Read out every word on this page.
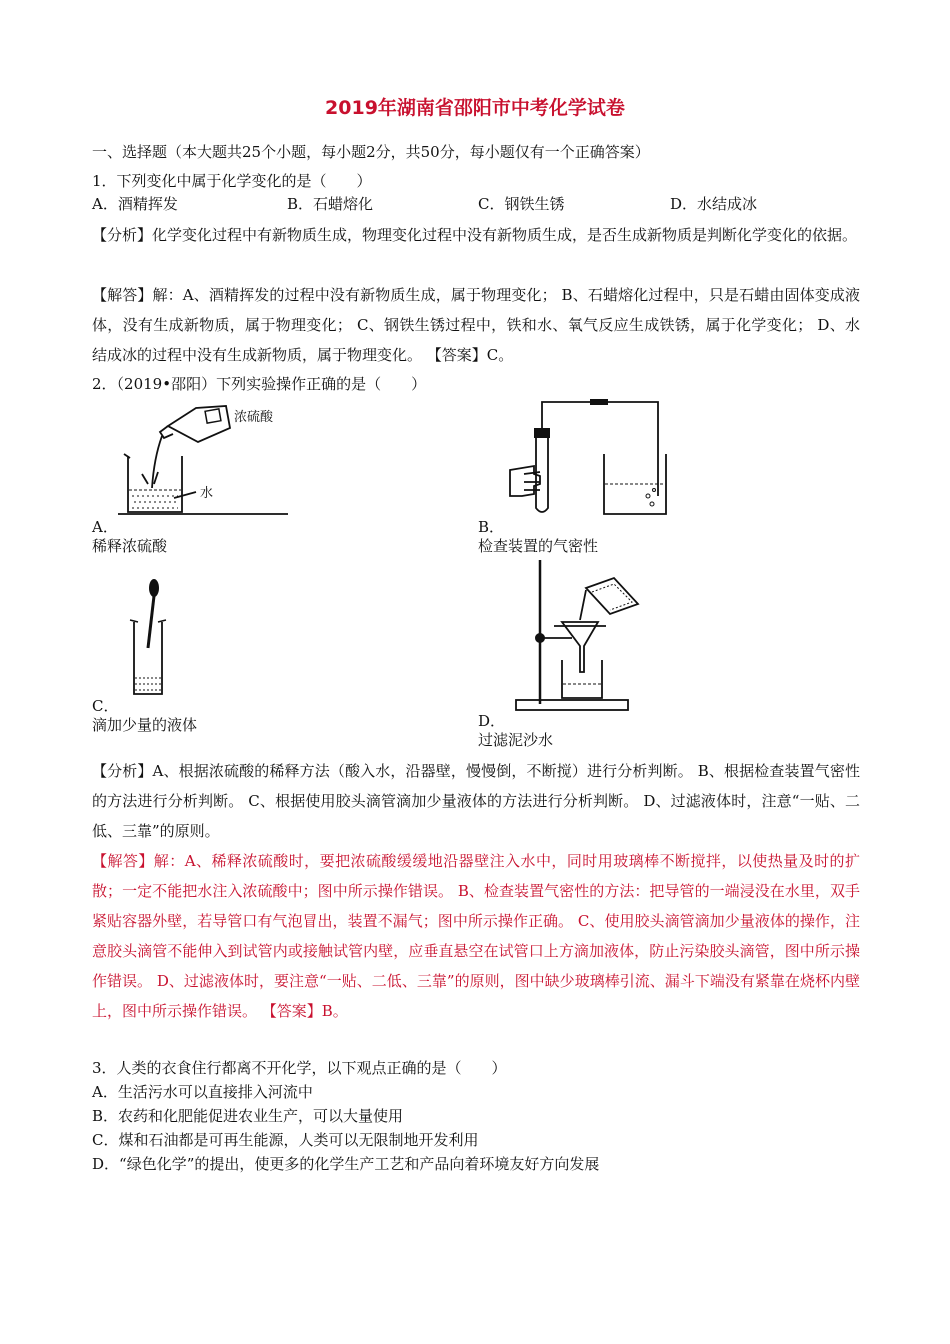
2019年湖南省邵阳市中考化学试卷
一、选择题（本大题共25个小题，每小题2分，共50分，每小题仅有一个正确答案）
1．下列变化中属于化学变化的是（　　）
A．酒精挥发	B．石蜡熔化	C．钢铁生锈	D．水结成冰
【分析】化学变化过程中有新物质生成，物理变化过程中没有新物质生成，是否生成新物质是判断化学变化的依据。
【解答】解：A、酒精挥发的过程中没有新物质生成，属于物理变化； B、石蜡熔化过程中，只是石蜡由固体变成液体，没有生成新物质，属于物理变化； C、钢铁生锈过程中，铁和水、氧气反应生成铁锈，属于化学变化； D、水结成冰的过程中没有生成新物质，属于物理变化。 【答案】C。
2．（2019•邵阳）下列实验操作正确的是（　　）
浓硫酸
水
A．
稀释浓硫酸
B．
检查装置的气密性
C．
滴加少量的液体	D．
过滤泥沙水
【分析】A、根据浓硫酸的稀释方法（酸入水，沿器壁，慢慢倒，不断搅）进行分析判断。 B、根据检查装置气密性的方法进行分析判断。 C、根据使用胶头滴管滴加少量液体的方法进行分析判断。 D、过滤液体时，注意“一贴、二低、三靠”的原则。
【解答】解：A、稀释浓硫酸时，要把浓硫酸缓缓地沿器壁注入水中，同时用玻璃棒不断搅拌，以使热量及时的扩散；一定不能把水注入浓硫酸中；图中所示操作错误。 B、检查装置气密性的方法：把导管的一端浸没在水里，双手紧贴容器外壁，若导管口有气泡冒出，装置不漏气；图中所示操作正确。 C、使用胶头滴管滴加少量液体的操作，注意胶头滴管不能伸入到试管内或接触试管内壁，应垂直悬空在试管口上方滴加液体，防止污染胶头滴管，图中所示操作错误。 D、过滤液体时，要注意“一贴、二低、三靠”的原则，图中缺少玻璃棒引流、漏斗下端没有紧靠在烧杯内壁上，图中所示操作错误。 【答案】B。
3．人类的衣食住行都离不开化学，以下观点正确的是（　　）
A．生活污水可以直接排入河流中
B．农药和化肥能促进农业生产，可以大量使用
C．煤和石油都是可再生能源，人类可以无限制地开发利用
D．“绿色化学”的提出，使更多的化学生产工艺和产品向着环境友好方向发展
